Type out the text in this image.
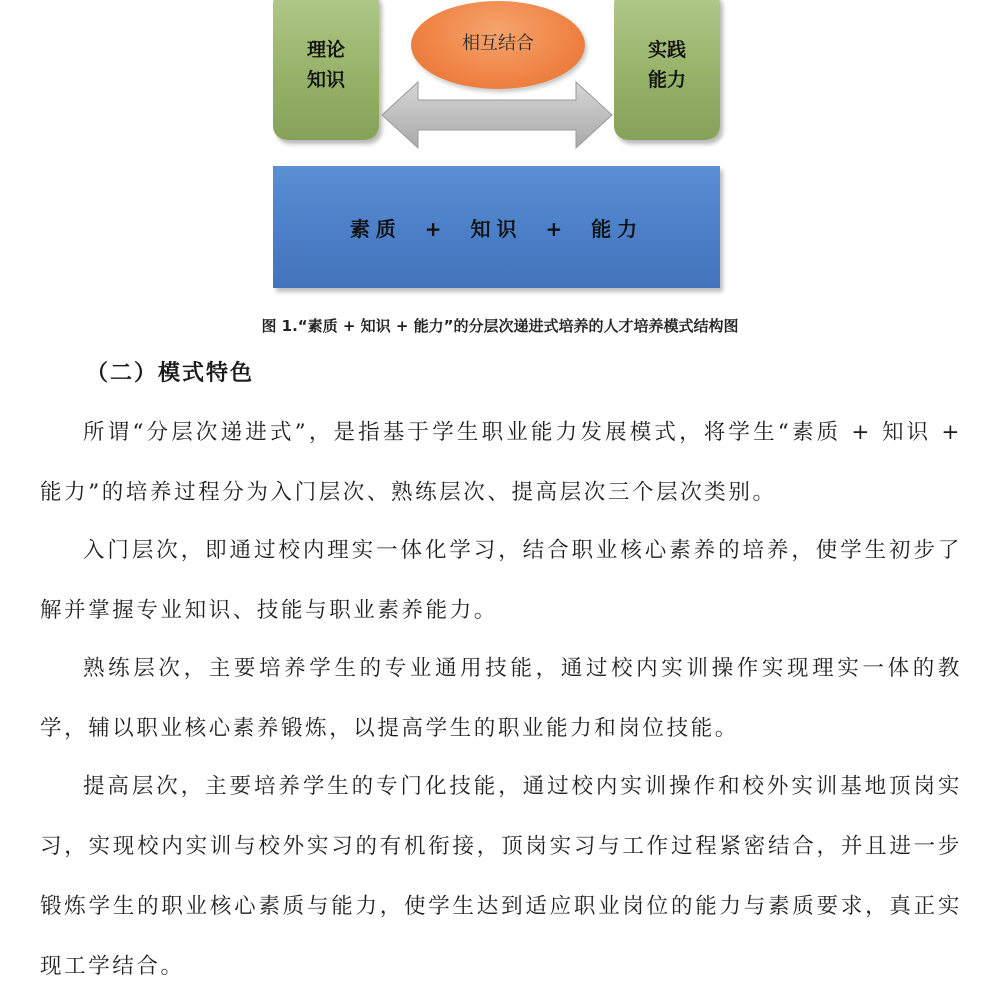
理论
知识
相互结合	实践
能力
素质 + 知识 + 能力
图 1.“素质 + 知识 + 能力”的分层次递进式培养的人才培养模式结构图
（二）模式特色

所谓“分层次递进式”，是指基于学生职业能力发展模式，将学生“素质 + 知识 + 能力”的培养过程分为入门层次、熟练层次、提高层次三个层次类别。

入门层次，即通过校内理实一体化学习，结合职业核心素养的培养，使学生初步了解并掌握专业知识、技能与职业素养能力。

熟练层次，主要培养学生的专业通用技能，通过校内实训操作实现理实一体的教学，辅以职业核心素养锻炼，以提高学生的职业能力和岗位技能。

提高层次，主要培养学生的专门化技能，通过校内实训操作和校外实训基地顶岗实习，实现校内实训与校外实习的有机衔接，顶岗实习与工作过程紧密结合，并且进一步锻炼学生的职业核心素质与能力，使学生达到适应职业岗位的能力与素质要求，真正实现工学结合。
